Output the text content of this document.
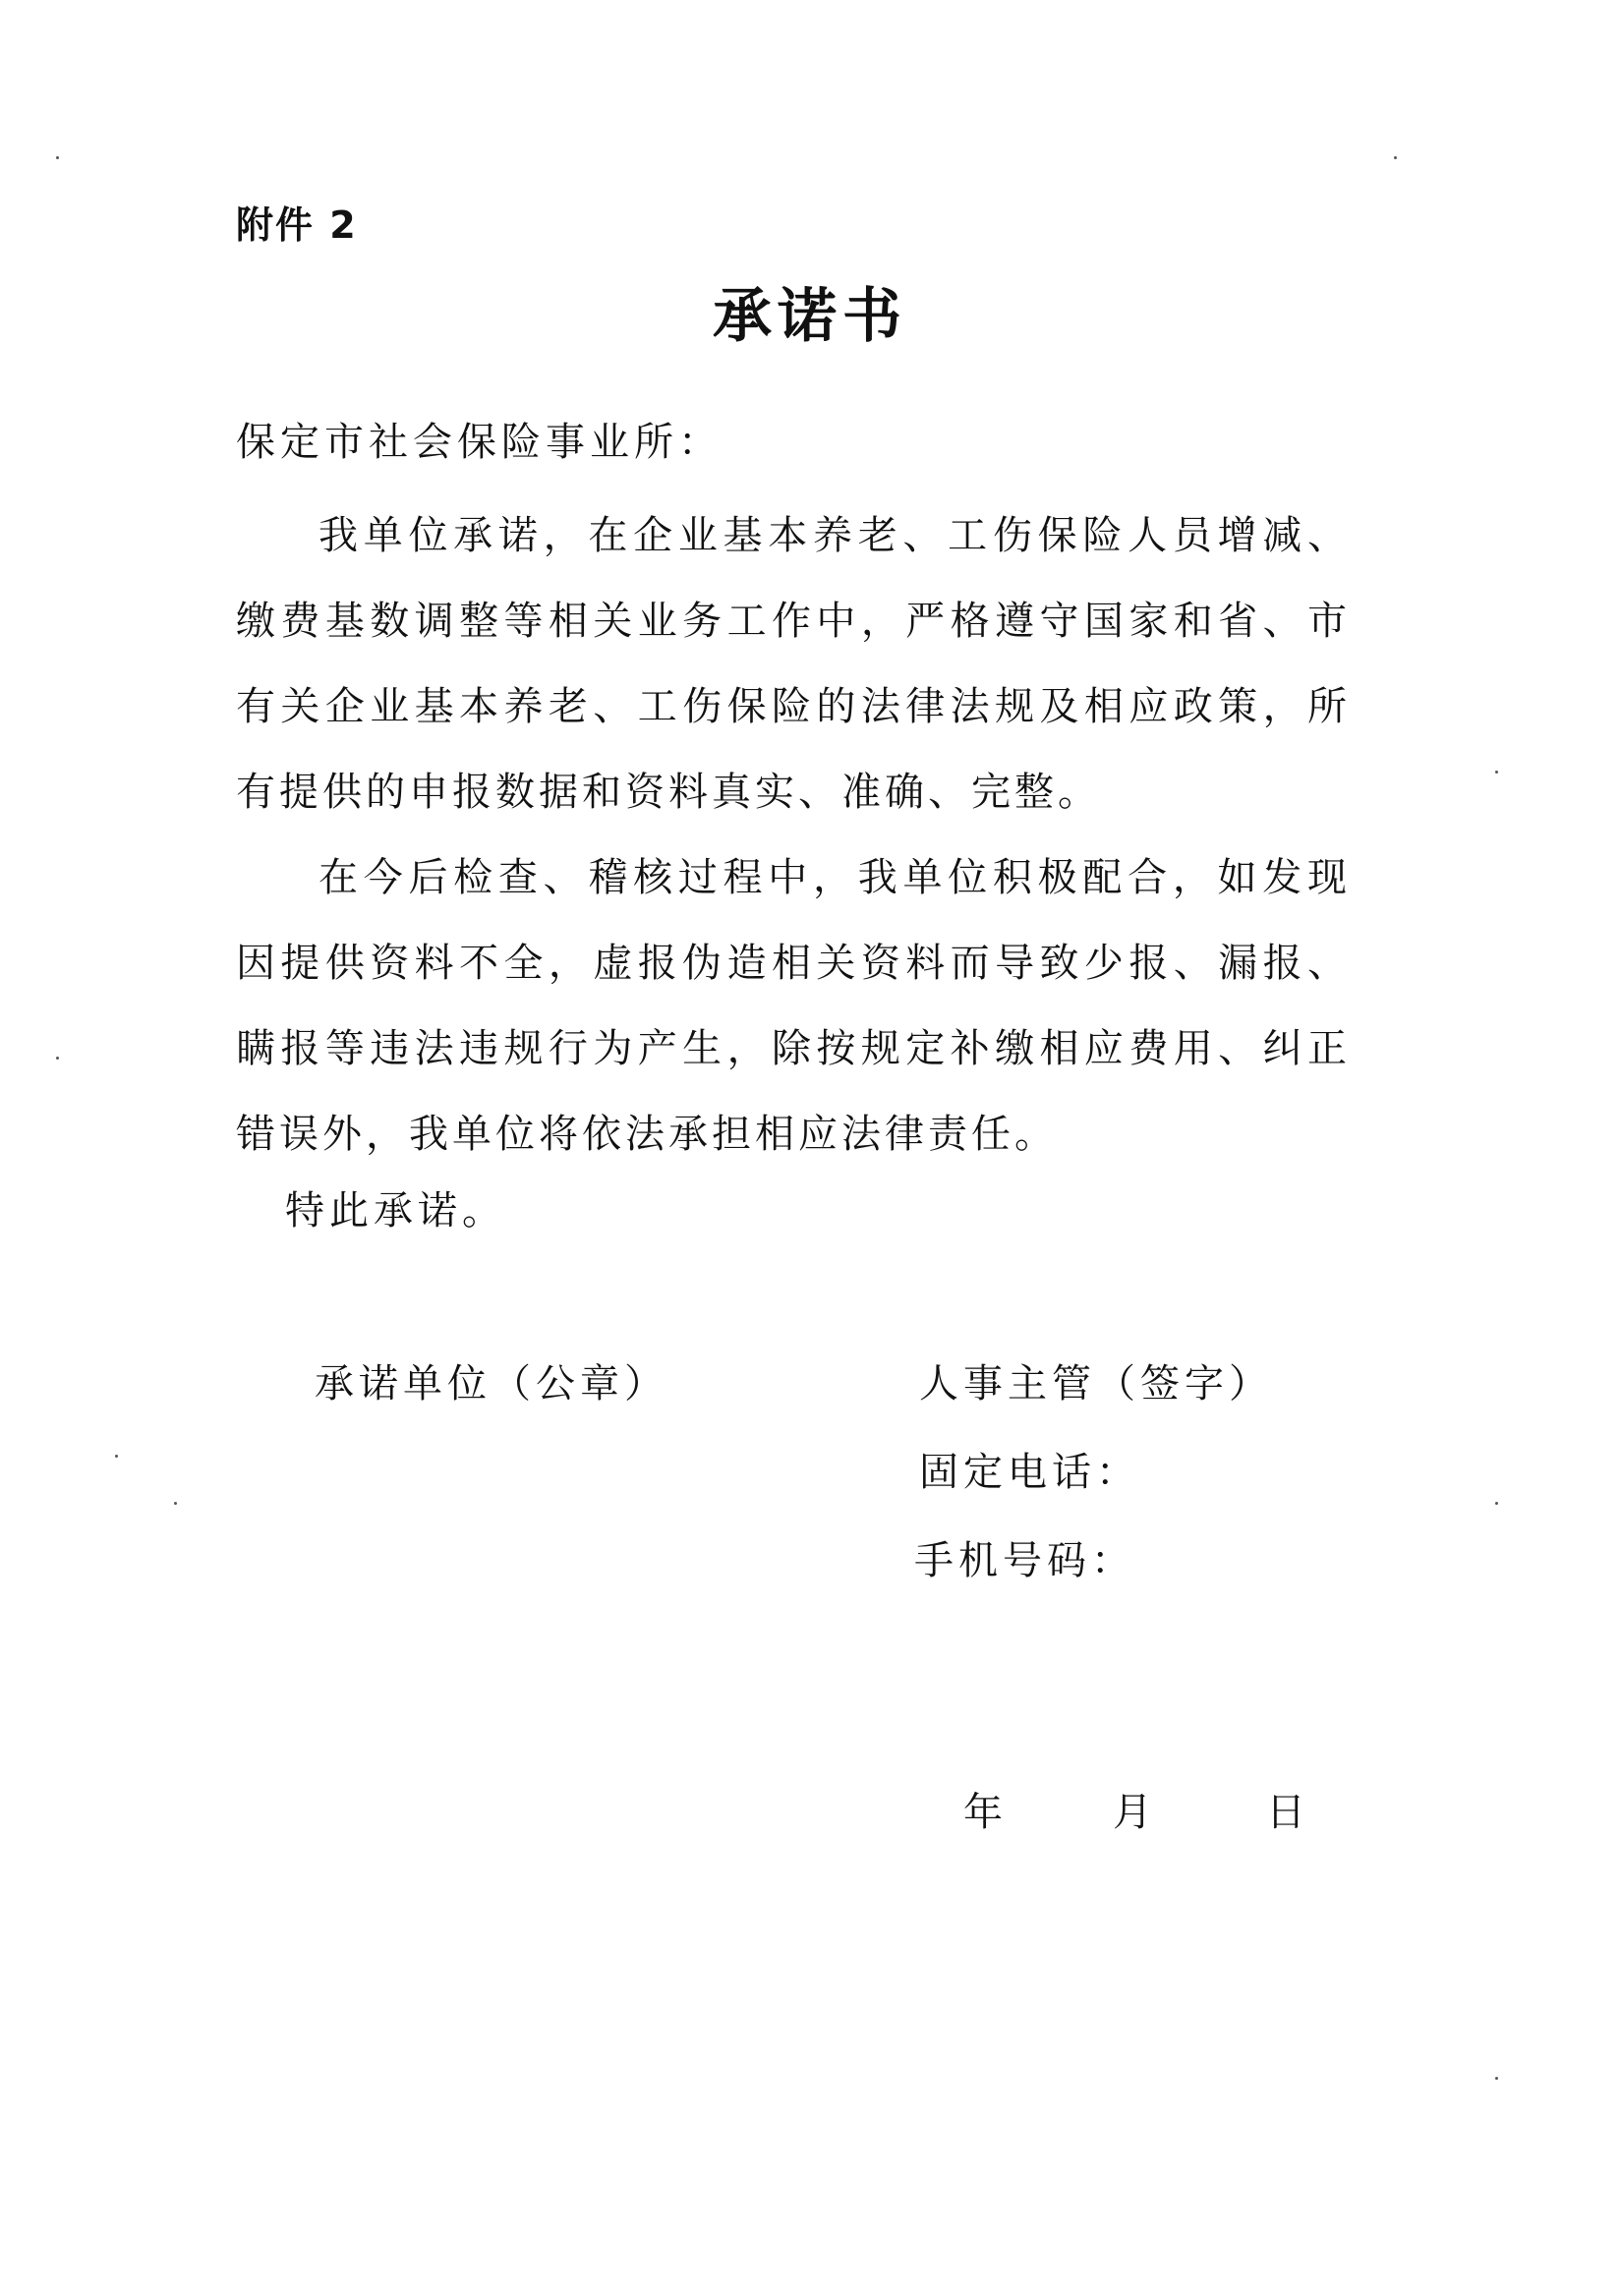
附件 2
承诺书
保定市社会保险事业所：

我单位承诺，在企业基本养老、工伤保险人员增减、缴费基数调整等相关业务工作中，严格遵守国家和省、市有关企业基本养老、工伤保险的法律法规及相应政策，所有提供的申报数据和资料真实、准确、完整。

在今后检查、稽核过程中，我单位积极配合，如发现因提供资料不全，虚报伪造相关资料而导致少报、漏报、瞒报等违法违规行为产生，除按规定补缴相应费用、纠正错误外，我单位将依法承担相应法律责任。

特此承诺。
承诺单位（公章）	人事主管（签字）
固定电话：
手机号码：
年	月	日
